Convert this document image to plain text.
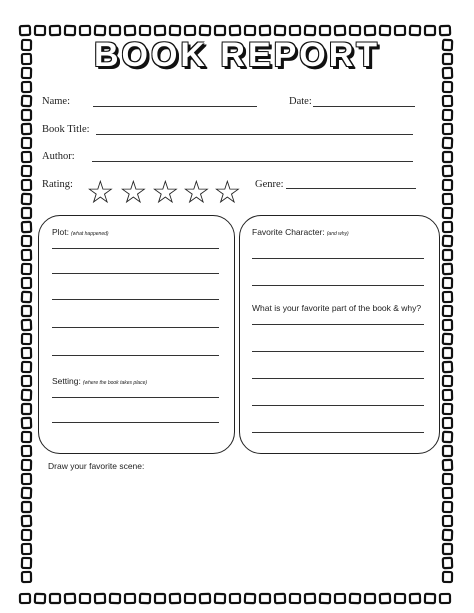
BOOK REPORT
Name:	Date:
Book Title:
Author:
Rating: ☆ ☆ ☆ ☆ ☆ Genre:
Plot: (what happened)
Setting: (where the book takes place)
Favorite Character: (and why)
What is your favorite part of the book & why?
Draw your favorite scene:
